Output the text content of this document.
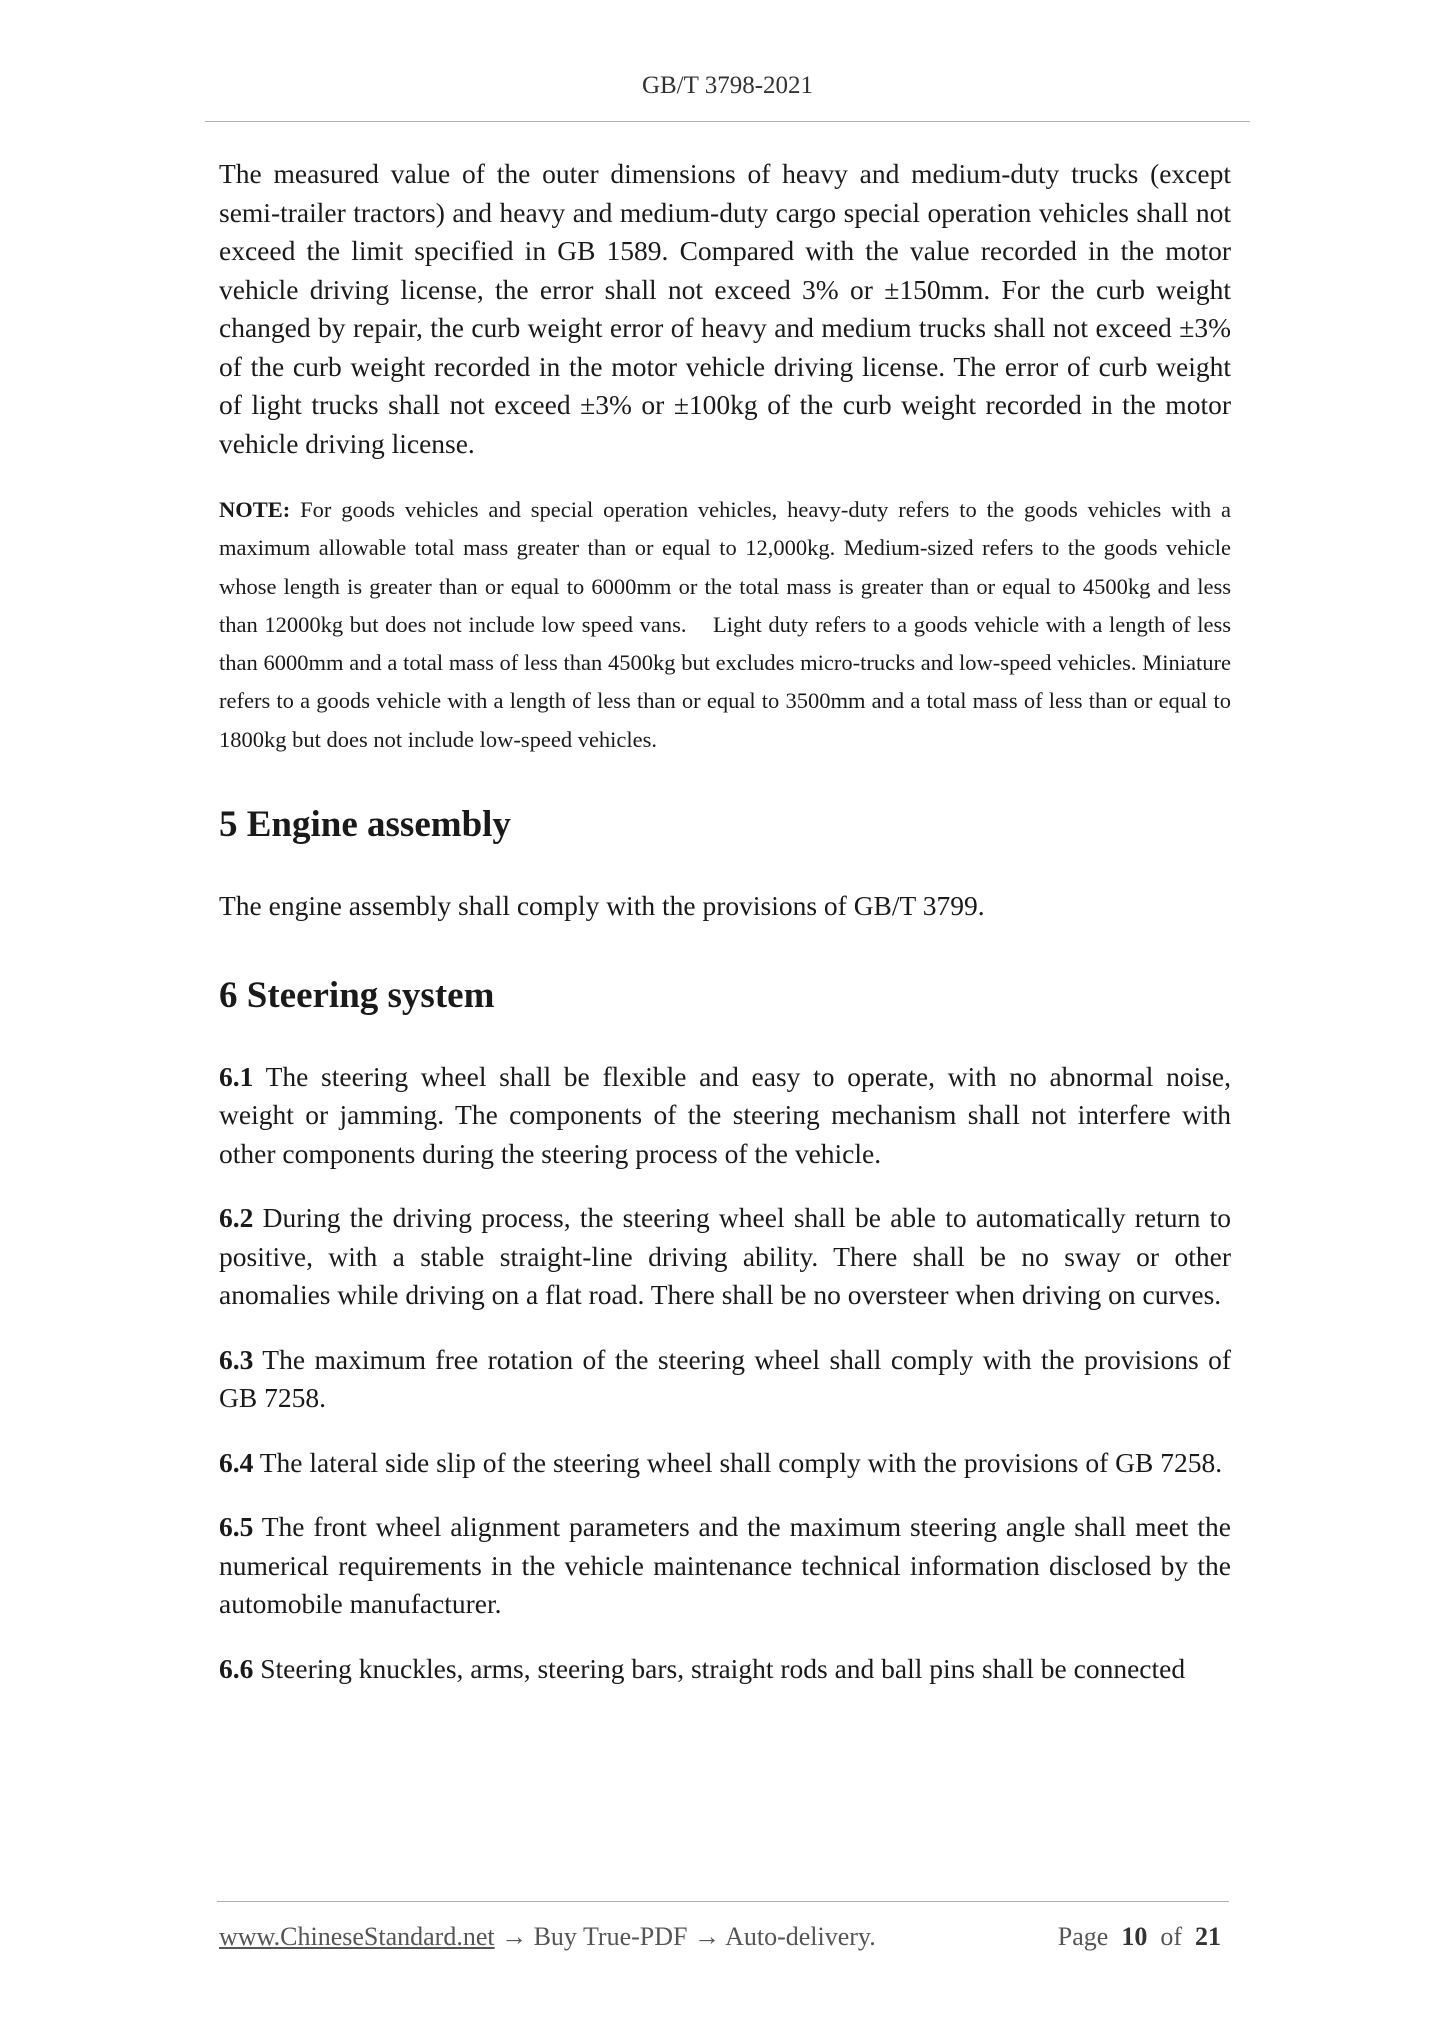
GB/T 3798-2021

The measured value of the outer dimensions of heavy and medium-duty trucks (except semi-trailer tractors) and heavy and medium-duty cargo special operation vehicles shall not exceed the limit specified in GB 1589. Compared with the value recorded in the motor vehicle driving license, the error shall not exceed 3% or ±150mm. For the curb weight changed by repair, the curb weight error of heavy and medium trucks shall not exceed ±3% of the curb weight recorded in the motor vehicle driving license. The error of curb weight of light trucks shall not exceed ±3% or ±100kg of the curb weight recorded in the motor vehicle driving license.

NOTE: For goods vehicles and special operation vehicles, heavy-duty refers to the goods vehicles with a maximum allowable total mass greater than or equal to 12,000kg. Medium-sized refers to the goods vehicle whose length is greater than or equal to 6000mm or the total mass is greater than or equal to 4500kg and less than 12000kg but does not include low speed vans.    Light duty refers to a goods vehicle with a length of less than 6000mm and a total mass of less than 4500kg but excludes micro-trucks and low-speed vehicles. Miniature refers to a goods vehicle with a length of less than or equal to 3500mm and a total mass of less than or equal to 1800kg but does not include low-speed vehicles.

5 Engine assembly

The engine assembly shall comply with the provisions of GB/T 3799.

6 Steering system

6.1 The steering wheel shall be flexible and easy to operate, with no abnormal noise, weight or jamming. The components of the steering mechanism shall not interfere with other components during the steering process of the vehicle.

6.2 During the driving process, the steering wheel shall be able to automatically return to positive, with a stable straight-line driving ability. There shall be no sway or other anomalies while driving on a flat road. There shall be no oversteer when driving on curves.

6.3 The maximum free rotation of the steering wheel shall comply with the provisions of GB 7258.

6.4 The lateral side slip of the steering wheel shall comply with the provisions of GB 7258.

6.5 The front wheel alignment parameters and the maximum steering angle shall meet the numerical requirements in the vehicle maintenance technical information disclosed by the automobile manufacturer.

6.6 Steering knuckles, arms, steering bars, straight rods and ball pins shall be connected

www.ChineseStandard.net → Buy True-PDF → Auto-delivery.	Page 10 of 21
